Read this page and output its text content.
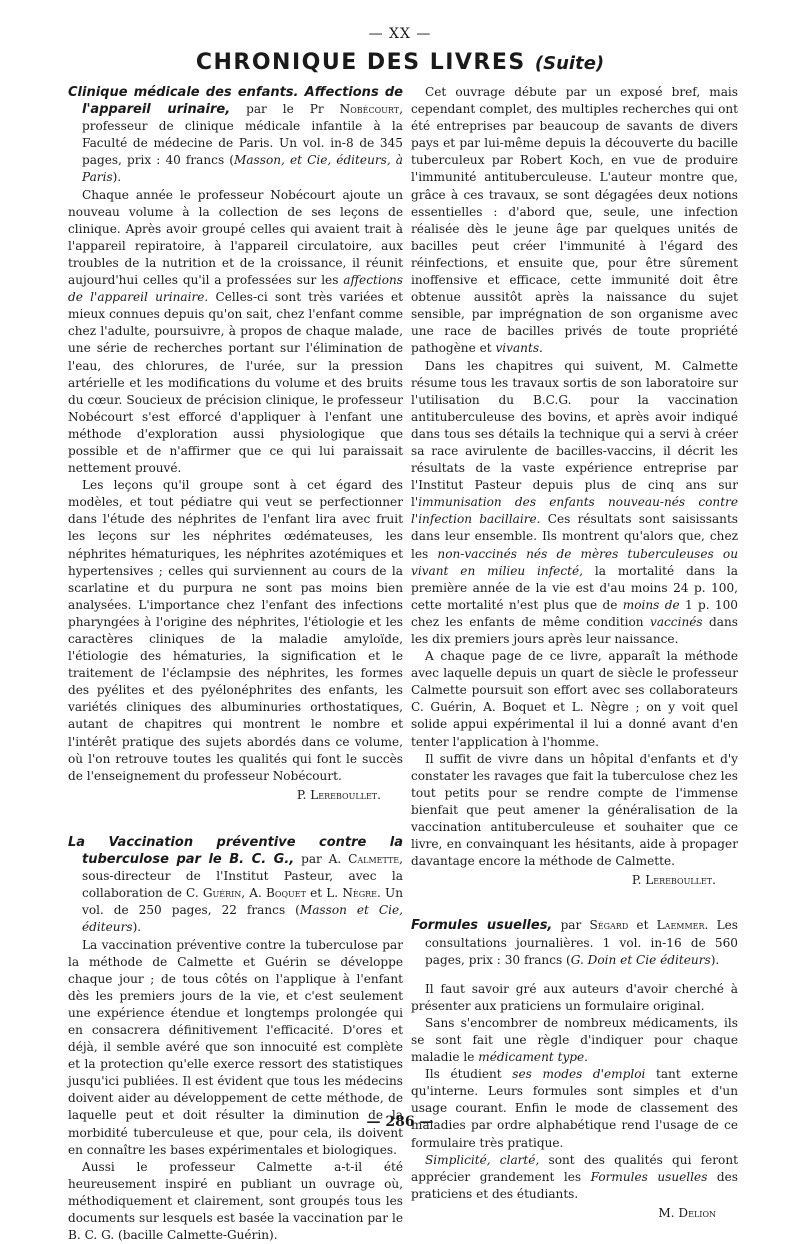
— XX —
CHRONIQUE DES LIVRES (Suite)

Clinique médicale des enfants. Affections de l'appareil urinaire, par le Pr Nobécourt, professeur de clinique médicale infantile à la Faculté de médecine de Paris. Un vol. in-8 de 345 pages, prix : 40 francs (Masson, et Cie, éditeurs, à Paris).

Chaque année le professeur Nobécourt ajoute un nouveau volume à la collection de ses leçons de clinique. Après avoir groupé celles qui avaient trait à l'appareil repiratoire, à l'appareil circulatoire, aux troubles de la nutrition et de la croissance, il réunit aujourd'hui celles qu'il a professées sur les affections de l'appareil urinaire. Celles-ci sont très variées et mieux connues depuis qu'on sait, chez l'enfant comme chez l'adulte, poursuivre, à propos de chaque malade, une série de recherches portant sur l'élimination de l'eau, des chlorures, de l'urée, sur la pression artérielle et les modifications du volume et des bruits du cœur. Soucieux de précision clinique, le professeur Nobécourt s'est efforcé d'appliquer à l'enfant une méthode d'exploration aussi physiologique que possible et de n'affirmer que ce qui lui paraissait nettement prouvé.

Les leçons qu'il groupe sont à cet égard des modèles, et tout pédiatre qui veut se perfectionner dans l'étude des néphrites de l'enfant lira avec fruit les leçons sur les néphrites œdémateuses, les néphrites hématuriques, les néphrites azotémiques et hypertensives ; celles qui surviennent au cours de la scarlatine et du purpura ne sont pas moins bien analysées. L'importance chez l'enfant des infections pharyngées à l'origine des néphrites, l'étiologie et les caractères cliniques de la maladie amyloïde, l'étiologie des hématuries, la signification et le traitement de l'éclampsie des néphrites, les formes des pyélites et des pyélonéphrites des enfants, les variétés cliniques des albuminuries orthostatiques, autant de chapitres qui montrent le nombre et l'intérêt pratique des sujets abordés dans ce volume, où l'on retrouve toutes les qualités qui font le succès de l'enseignement du professeur Nobécourt.

P. Lereboullet.

La Vaccination préventive contre la tuberculose par le B. C. G., par A. Calmette, sous-directeur de l'Institut Pasteur, avec la collaboration de C. Guérin, A. Boquet et L. Nègre. Un vol. de 250 pages, 22 francs (Masson et Cie, éditeurs).

La vaccination préventive contre la tuberculose par la méthode de Calmette et Guérin se développe chaque jour ; de tous côtés on l'applique à l'enfant dès les premiers jours de la vie, et c'est seulement une expérience étendue et longtemps prolongée qui en consacrera définitivement l'efficacité. D'ores et déjà, il semble avéré que son innocuité est complète et la protection qu'elle exerce ressort des statistiques jusqu'ici publiées. Il est évident que tous les médecins doivent aider au développement de cette méthode, de laquelle peut et doit résulter la diminution de la morbidité tuberculeuse et que, pour cela, ils doivent en connaître les bases expérimentales et biologiques.

Aussi le professeur Calmette a-t-il été heureusement inspiré en publiant un ouvrage où, méthodiquement et clairement, sont groupés tous les documents sur lesquels est basée la vaccination par le B. C. G. (bacille Calmette-Guérin).

Cet ouvrage débute par un exposé bref, mais cependant complet, des multiples recherches qui ont été entreprises par beaucoup de savants de divers pays et par lui-même depuis la découverte du bacille tuberculeux par Robert Koch, en vue de produire l'immunité antituberculeuse. L'auteur montre que, grâce à ces travaux, se sont dégagées deux notions essentielles : d'abord que, seule, une infection réalisée dès le jeune âge par quelques unités de bacilles peut créer l'immunité à l'égard des réinfections, et ensuite que, pour être sûrement inoffensive et efficace, cette immunité doit être obtenue aussitôt après la naissance du sujet sensible, par imprégnation de son organisme avec une race de bacilles privés de toute propriété pathogène et vivants.

Dans les chapitres qui suivent, M. Calmette résume tous les travaux sortis de son laboratoire sur l'utilisation du B.C.G. pour la vaccination antituberculeuse des bovins, et après avoir indiqué dans tous ses détails la technique qui a servi à créer sa race avirulente de bacilles-vaccins, il décrit les résultats de la vaste expérience entreprise par l'Institut Pasteur depuis plus de cinq ans sur l'immunisation des enfants nouveau-nés contre l'infection bacillaire. Ces résultats sont saisissants dans leur ensemble. Ils montrent qu'alors que, chez les non-vaccinés nés de mères tuberculeuses ou vivant en milieu infecté, la mortalité dans la première année de la vie est d'au moins 24 p. 100, cette mortalité n'est plus que de moins de 1 p. 100 chez les enfants de même condition vaccinés dans les dix premiers jours après leur naissance.

A chaque page de ce livre, apparaît la méthode avec laquelle depuis un quart de siècle le professeur Calmette poursuit son effort avec ses collaborateurs C. Guérin, A. Boquet et L. Nègre ; on y voit quel solide appui expérimental il lui a donné avant d'en tenter l'application à l'homme.

Il suffit de vivre dans un hôpital d'enfants et d'y constater les ravages que fait la tuberculose chez les tout petits pour se rendre compte de l'immense bienfait que peut amener la généralisation de la vaccination antituberculeuse et souhaiter que ce livre, en convainquant les hésitants, aide à propager davantage encore la méthode de Calmette.

P. Lereboullet.

Formules usuelles, par Ségard et Laemmer. Les consultations journalières. 1 vol. in-16 de 560 pages, prix : 30 francs (G. Doin et Cie éditeurs).

Il faut savoir gré aux auteurs d'avoir cherché à présenter aux praticiens un formulaire original.

Sans s'encombrer de nombreux médicaments, ils se sont fait une règle d'indiquer pour chaque maladie le médicament type.

Ils étudient ses modes d'emploi tant externe qu'interne. Leurs formules sont simples et d'un usage courant. Enfin le mode de classement des maladies par ordre alphabétique rend l'usage de ce formulaire très pratique.

Simplicité, clarté, sont des qualités qui feront apprécier grandement les Formules usuelles des praticiens et des étudiants.

M. Delion

— 286 —
